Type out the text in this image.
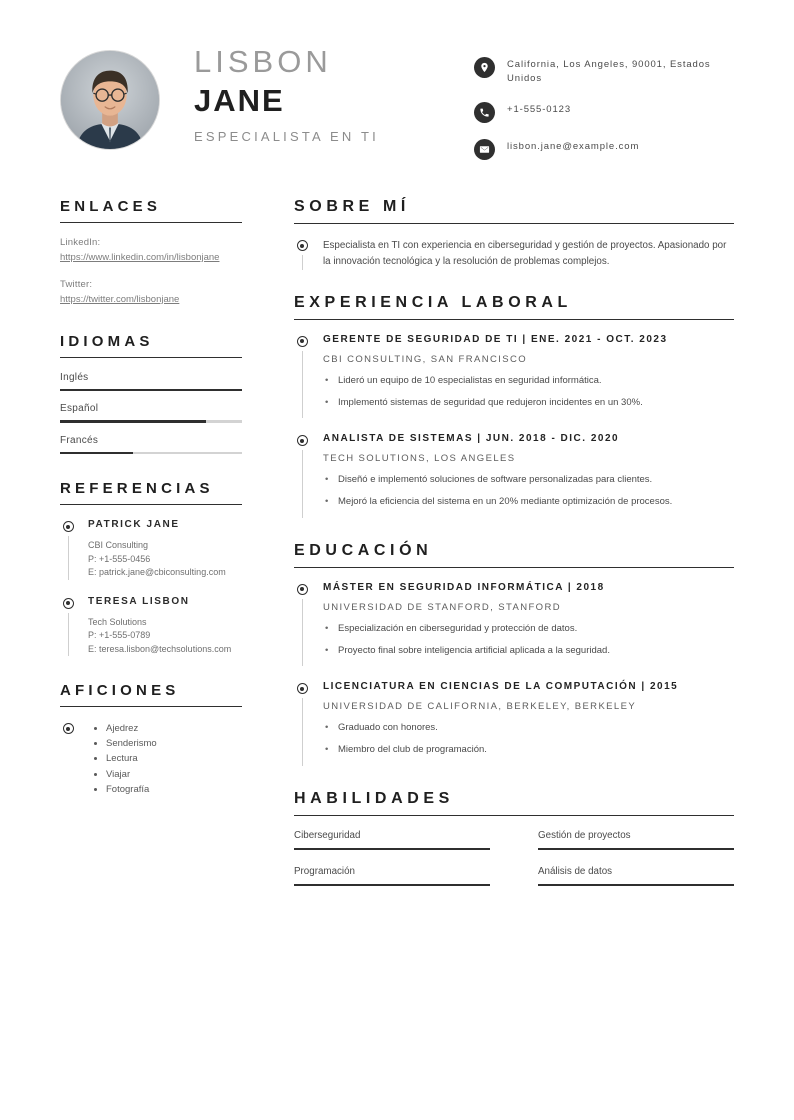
LISBON
JANE
ESPECIALISTA EN TI
California, Los Angeles, 90001, Estados Unidos
+1-555-0123
lisbon.jane@example.com
ENLACES
LinkedIn:
https://www.linkedin.com/in/lisbonjane
Twitter:
https://twitter.com/lisbonjane
IDIOMAS
Inglés
Español
Francés
REFERENCIAS
PATRICK JANE
CBI Consulting
P: +1-555-0456
E: patrick.jane@cbiconsulting.com
TERESA LISBON
Tech Solutions
P: +1-555-0789
E: teresa.lisbon@techsolutions.com
AFICIONES
• Ajedrez
• Senderismo
• Lectura
• Viajar
• Fotografía
SOBRE MÍ
Especialista en TI con experiencia en ciberseguridad y gestión de proyectos. Apasionado por la innovación tecnológica y la resolución de problemas complejos.
EXPERIENCIA LABORAL
GERENTE DE SEGURIDAD DE TI | ENE. 2021 - OCT. 2023
CBI CONSULTING, SAN FRANCISCO
• Lideró un equipo de 10 especialistas en seguridad informática.
• Implementó sistemas de seguridad que redujeron incidentes en un 30%.
ANALISTA DE SISTEMAS | JUN. 2018 - DIC. 2020
TECH SOLUTIONS, LOS ANGELES
• Diseñó e implementó soluciones de software personalizadas para clientes.
• Mejoró la eficiencia del sistema en un 20% mediante optimización de procesos.
EDUCACIÓN
MÁSTER EN SEGURIDAD INFORMÁTICA | 2018
UNIVERSIDAD DE STANFORD, STANFORD
• Especialización en ciberseguridad y protección de datos.
• Proyecto final sobre inteligencia artificial aplicada a la seguridad.
LICENCIATURA EN CIENCIAS DE LA COMPUTACIÓN | 2015
UNIVERSIDAD DE CALIFORNIA, BERKELEY, BERKELEY
• Graduado con honores.
• Miembro del club de programación.
HABILIDADES
Ciberseguridad	Gestión de proyectos
Programación	Análisis de datos
